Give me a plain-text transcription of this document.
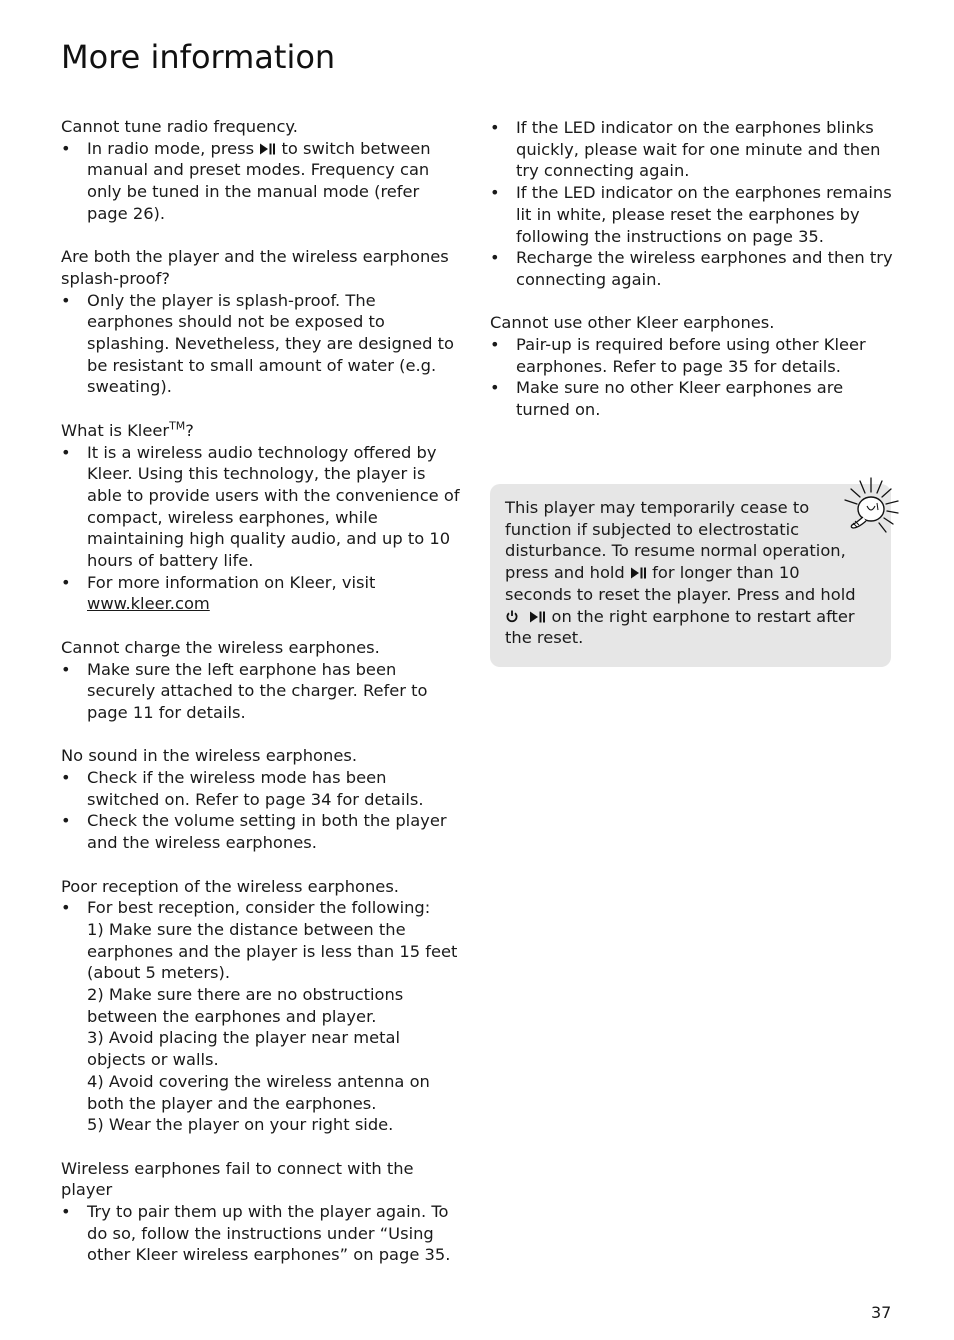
More information

Cannot tune radio frequency.

• In radio mode, press  to switch between manual and preset modes. Frequency can only be tuned in the manual mode (refer page 26).

Are both the player and the wireless earphones splash-proof?

• Only the player is splash-proof. The earphones should not be exposed to splashing. Nevetheless, they are designed to be resistant to small amount of water (e.g. sweating).

What is Kleer™?

• It is a wireless audio technology offered by Kleer. Using this technology, the player is able to provide users with the convenience of compact, wireless earphones, while maintaining high quality audio, and up to 10 hours of battery life.
• For more information on Kleer, visit www.kleer.com

Cannot charge the wireless earphones.

• Make sure the left earphone has been securely attached to the charger. Refer to page 11 for details.

No sound in the wireless earphones.

• Check if the wireless mode has been switched on. Refer to page 34 for details.
• Check the volume setting in both the player and the wireless earphones.

Poor reception of the wireless earphones.

• For best reception, consider the following:
1) Make sure the distance between the earphones and the player is less than 15 feet (about 5 meters).
2) Make sure there are no obstructions between the earphones and player.
3) Avoid placing the player near metal objects or walls.
4) Avoid covering the wireless antenna on both the player and the earphones.
5) Wear the player on your right side.

Wireless earphones fail to connect with the player

• Try to pair them up with the player again. To do so, follow the instructions under “Using other Kleer wireless earphones” on page 35.
• If the LED indicator on the earphones blinks quickly, please wait for one minute and then try connecting again.
• If the LED indicator on the earphones remains lit in white, please reset the earphones by following the instructions on page 35.
• Recharge the wireless earphones and then try connecting again.

Cannot use other Kleer earphones.

• Pair-up is required before using other Kleer earphones. Refer to page 35 for details.
• Make sure no other Kleer earphones are turned on.

This player may temporarily cease to function if subjected to electrostatic disturbance. To resume normal operation, press and hold  for longer than 10 seconds to reset the player. Press and hold
on the right earphone to restart after the reset.

37
